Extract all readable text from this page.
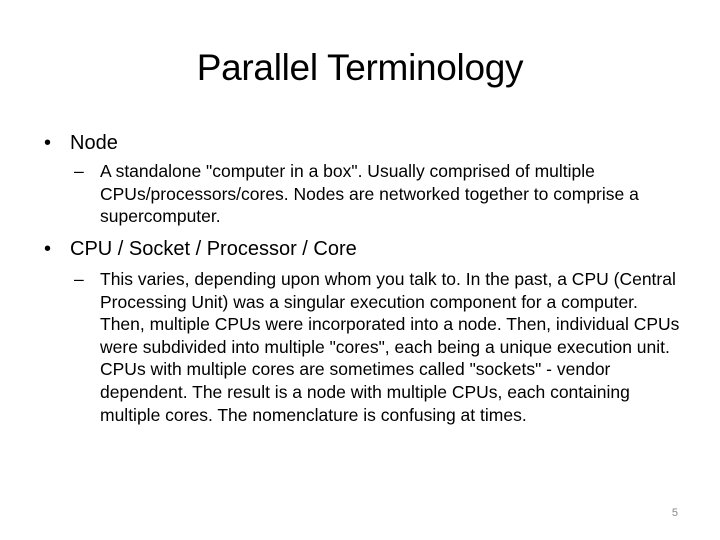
Parallel Terminology
• Node
– A standalone "computer in a box". Usually comprised of multiple CPUs/processors/cores. Nodes are networked together to comprise a supercomputer.
• CPU / Socket / Processor / Core
– This varies, depending upon whom you talk to. In the past, a CPU (Central Processing Unit) was a singular execution component for a computer. Then, multiple CPUs were incorporated into a node. Then, individual CPUs were subdivided into multiple "cores", each being a unique execution unit. CPUs with multiple cores are sometimes called "sockets" - vendor dependent. The result is a node with multiple CPUs, each containing multiple cores. The nomenclature is confusing at times.
5
